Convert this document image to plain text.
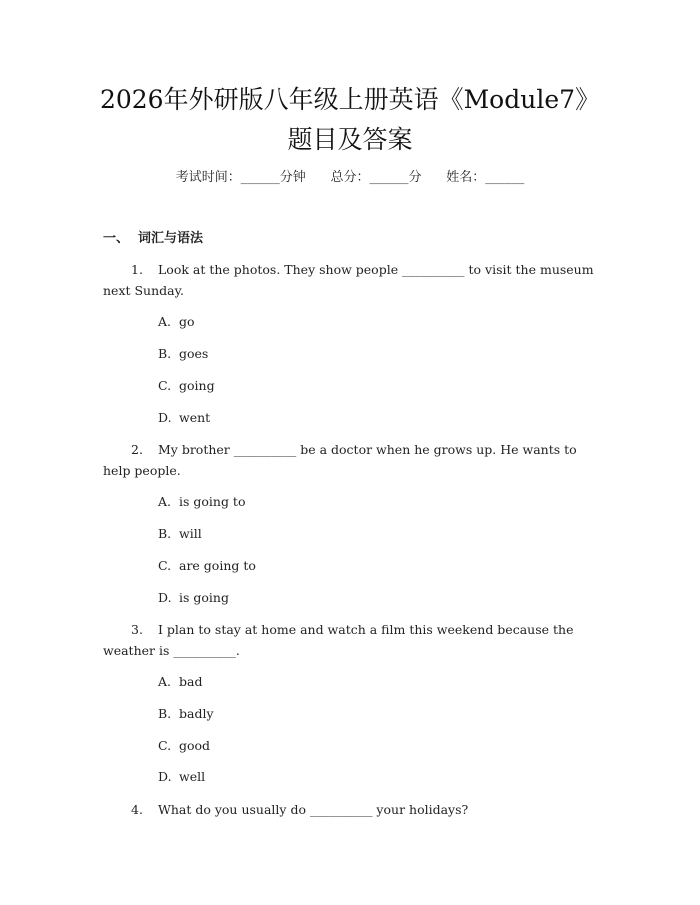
2026年外研版八年级上册英语《Module7》
题目及答案
考试时间：______分钟      总分：______分      姓名：______
一、  词汇与语法
1. Look at the photos. They show people __________ to visit the museum next Sunday.
A. go
B. goes
C. going
D. went
2. My brother __________ be a doctor when he grows up. He wants to help people.
A. is going to
B. will
C. are going to
D. is going
3. I plan to stay at home and watch a film this weekend because the weather is __________.
A. bad
B. badly
C. good
D. well
4. What do you usually do __________ your holidays?
